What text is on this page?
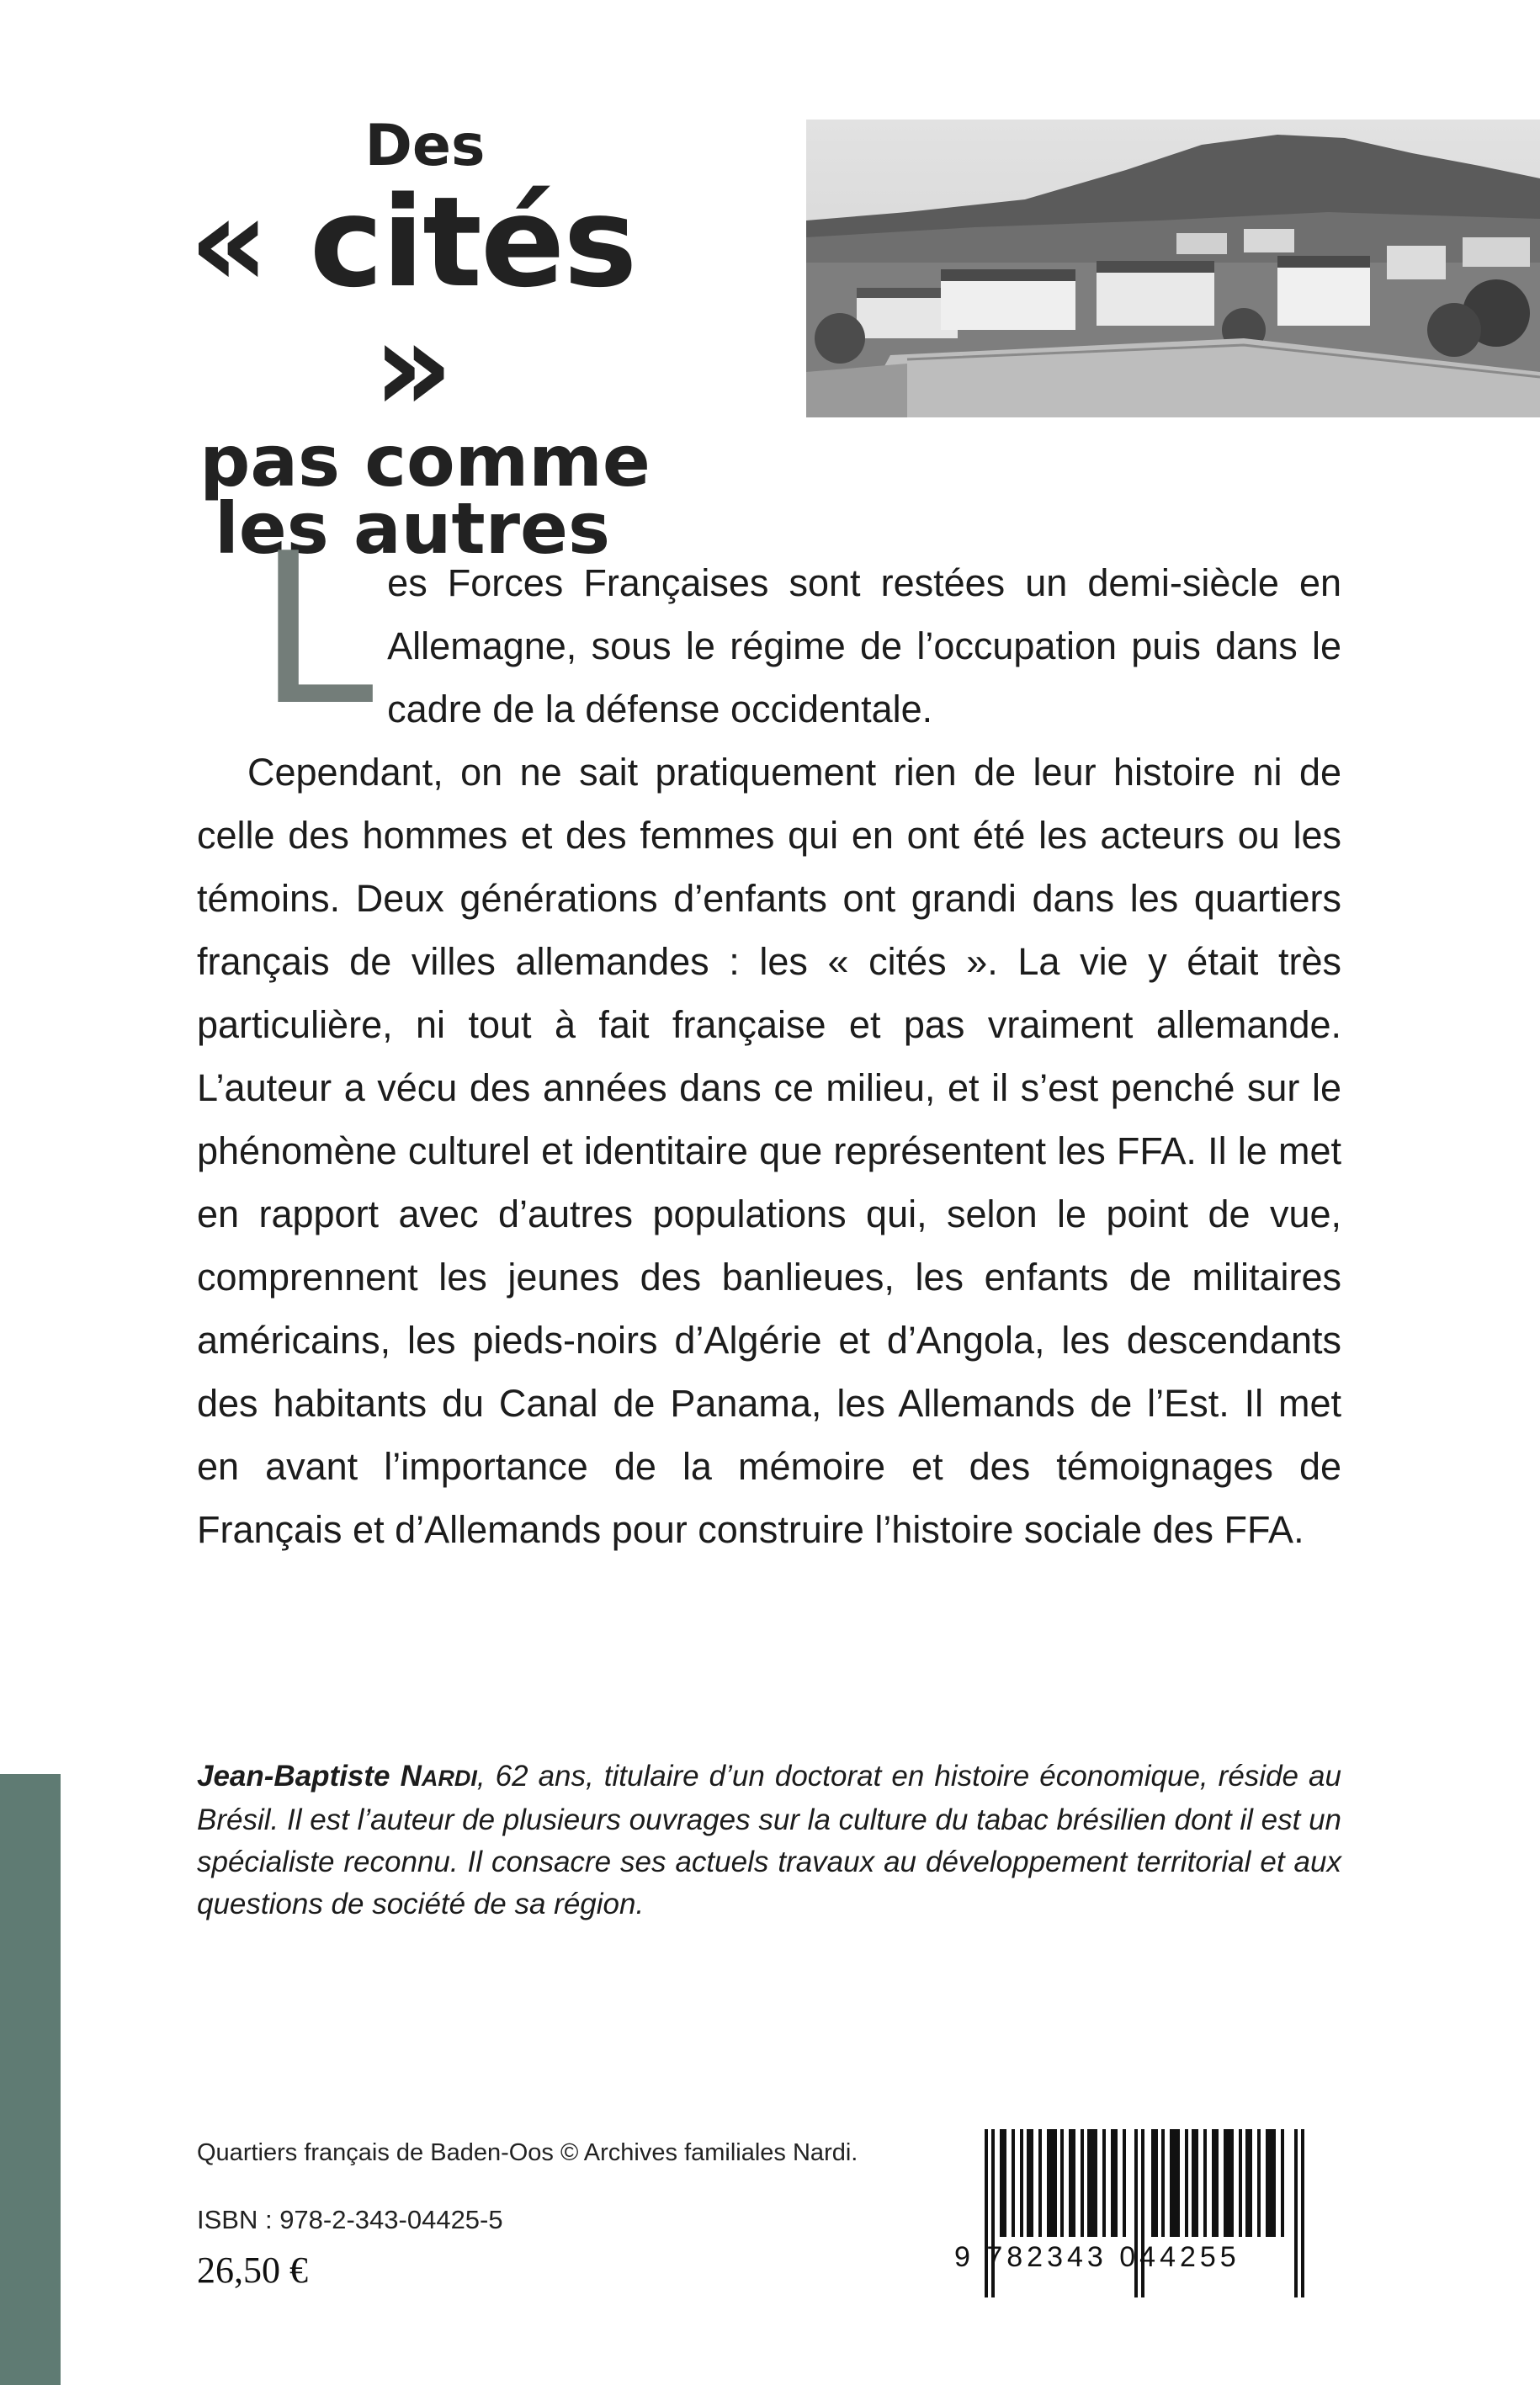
Des
« cités »
pas comme
les autres

L es Forces Françaises sont restées un demi-siècle en Allemagne, sous le régime de l’occupation puis dans le cadre de la défense occidentale.

Cependant, on ne sait pratiquement rien de leur histoire ni de celle des hommes et des femmes qui en ont été les acteurs ou les témoins. Deux générations d’enfants ont grandi dans les quartiers français de villes allemandes : les « cités ». La vie y était très particulière, ni tout à fait française et pas vraiment allemande. L’auteur a vécu des années dans ce milieu, et il s’est penché sur le phénomène culturel et identitaire que représentent les FFA. Il le met en rapport avec d’autres populations qui, selon le point de vue, comprennent les jeunes des banlieues, les enfants de militaires américains, les pieds-noirs d’Algérie et d’Angola, les descendants des habitants du Canal de Panama, les Allemands de l’Est. Il met en avant l’importance de la mémoire et des témoignages de Français et d’Allemands pour construire l’histoire sociale des FFA.

Jean-Baptiste NARDI, 62 ans, titulaire d’un doctorat en histoire économique, réside au Brésil. Il est l’auteur de plusieurs ouvrages sur la culture du tabac brésilien dont il est un spécialiste reconnu. Il consacre ses actuels travaux au développement territorial et aux questions de société de sa région.
Quartiers français de Baden-Oos © Archives familiales Nardi.
ISBN : 978-2-343-04425-5
26,50 €	9 782343 044255
